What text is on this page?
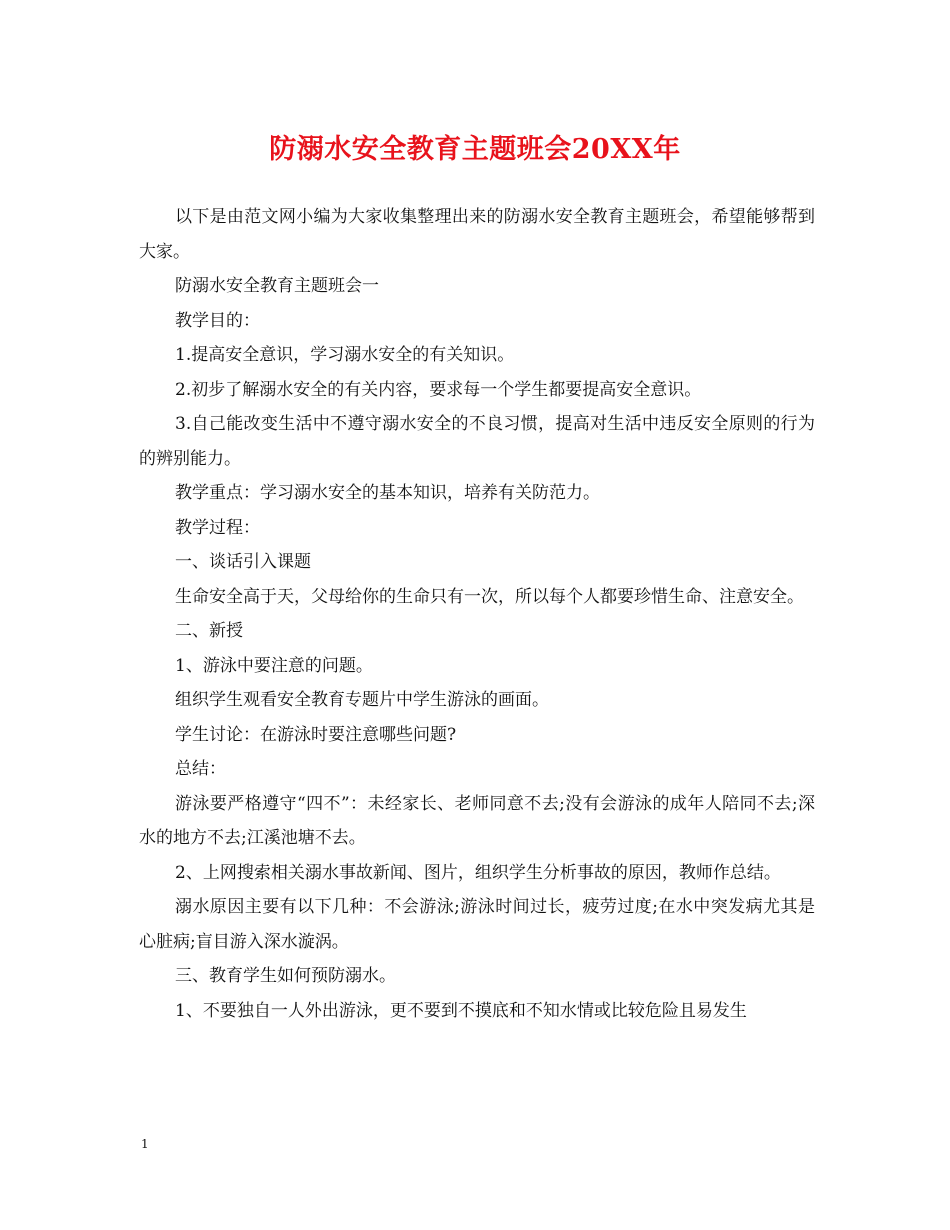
防溺水安全教育主题班会20XX年

以下是由范文网小编为大家收集整理出来的防溺水安全教育主题班会，希望能够帮到大家。

防溺水安全教育主题班会一

教学目的：

1.提高安全意识，学习溺水安全的有关知识。

2.初步了解溺水安全的有关内容，要求每一个学生都要提高安全意识。

3.自己能改变生活中不遵守溺水安全的不良习惯，提高对生活中违反安全原则的行为的辨别能力。

教学重点：学习溺水安全的基本知识，培养有关防范力。

教学过程：

一、谈话引入课题

生命安全高于天，父母给你的生命只有一次，所以每个人都要珍惜生命、注意安全。

二、新授

1、游泳中要注意的问题。

组织学生观看安全教育专题片中学生游泳的画面。

学生讨论：在游泳时要注意哪些问题?

总结：

游泳要严格遵守“四不”：未经家长、老师同意不去;没有会游泳的成年人陪同不去;深水的地方不去;江溪池塘不去。

2、上网搜索相关溺水事故新闻、图片，组织学生分析事故的原因，教师作总结。

溺水原因主要有以下几种：不会游泳;游泳时间过长，疲劳过度;在水中突发病尤其是心脏病;盲目游入深水漩涡。

三、教育学生如何预防溺水。

1、不要独自一人外出游泳，更不要到不摸底和不知水情或比较危险且易发生

1
